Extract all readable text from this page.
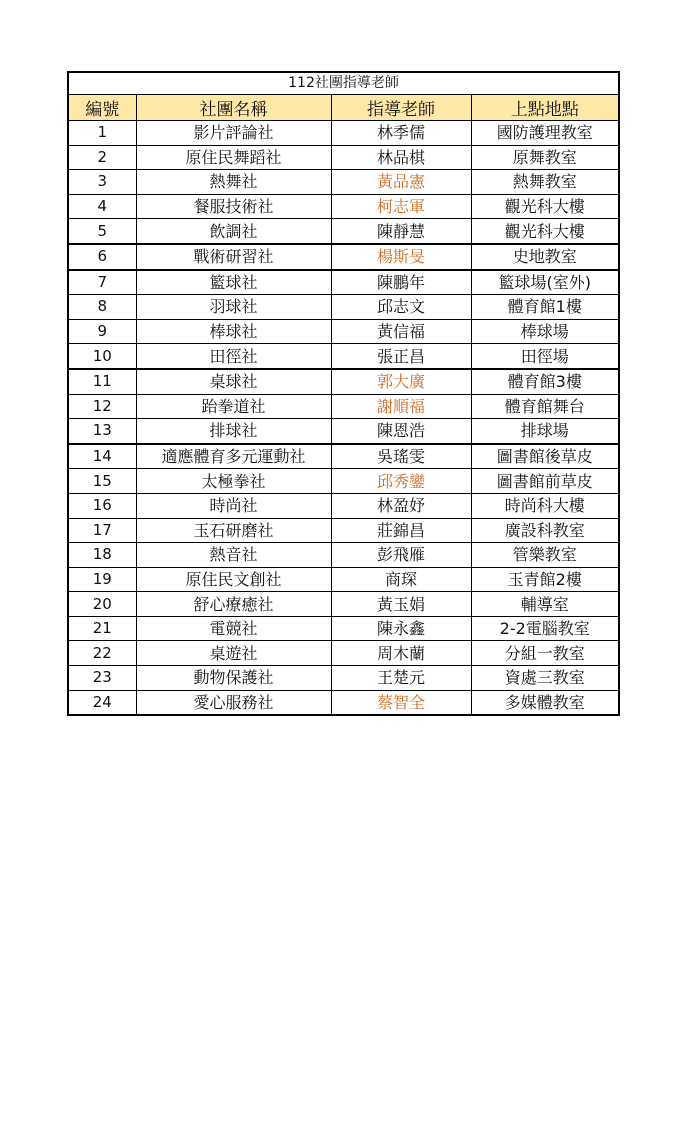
112社團指導老師
編號	社團名稱	指導老師	上點地點
1	影片評論社	林季儒	國防護理教室
2	原住民舞蹈社	林品棋	原舞教室
3	熱舞社	黃品憲	熱舞教室
4	餐服技術社	柯志軍	觀光科大樓
5	飲調社	陳靜慧	觀光科大樓
6	戰術研習社	楊斯旻	史地教室
7	籃球社	陳鵬年	籃球場(室外)
8	羽球社	邱志文	體育館1樓
9	棒球社	黃信福	棒球場
10	田徑社	張正昌	田徑場
11	桌球社	郭大廣	體育館3樓
12	跆拳道社	謝順福	體育館舞台
13	排球社	陳恩浩	排球場
14	適應體育多元運動社	吳瑤雯	圖書館後草皮
15	太極拳社	邱秀鑾	圖書館前草皮
16	時尚社	林盈妤	時尚科大樓
17	玉石研磨社	莊錦昌	廣設科教室
18	熱音社	彭飛雁	管樂教室
19	原住民文創社	商琛	玉青館2樓
20	舒心療癒社	黃玉娟	輔導室
21	電競社	陳永鑫	2-2電腦教室
22	桌遊社	周木蘭	分組一教室
23	動物保護社	王楚元	資處三教室
24	愛心服務社	蔡智全	多媒體教室
